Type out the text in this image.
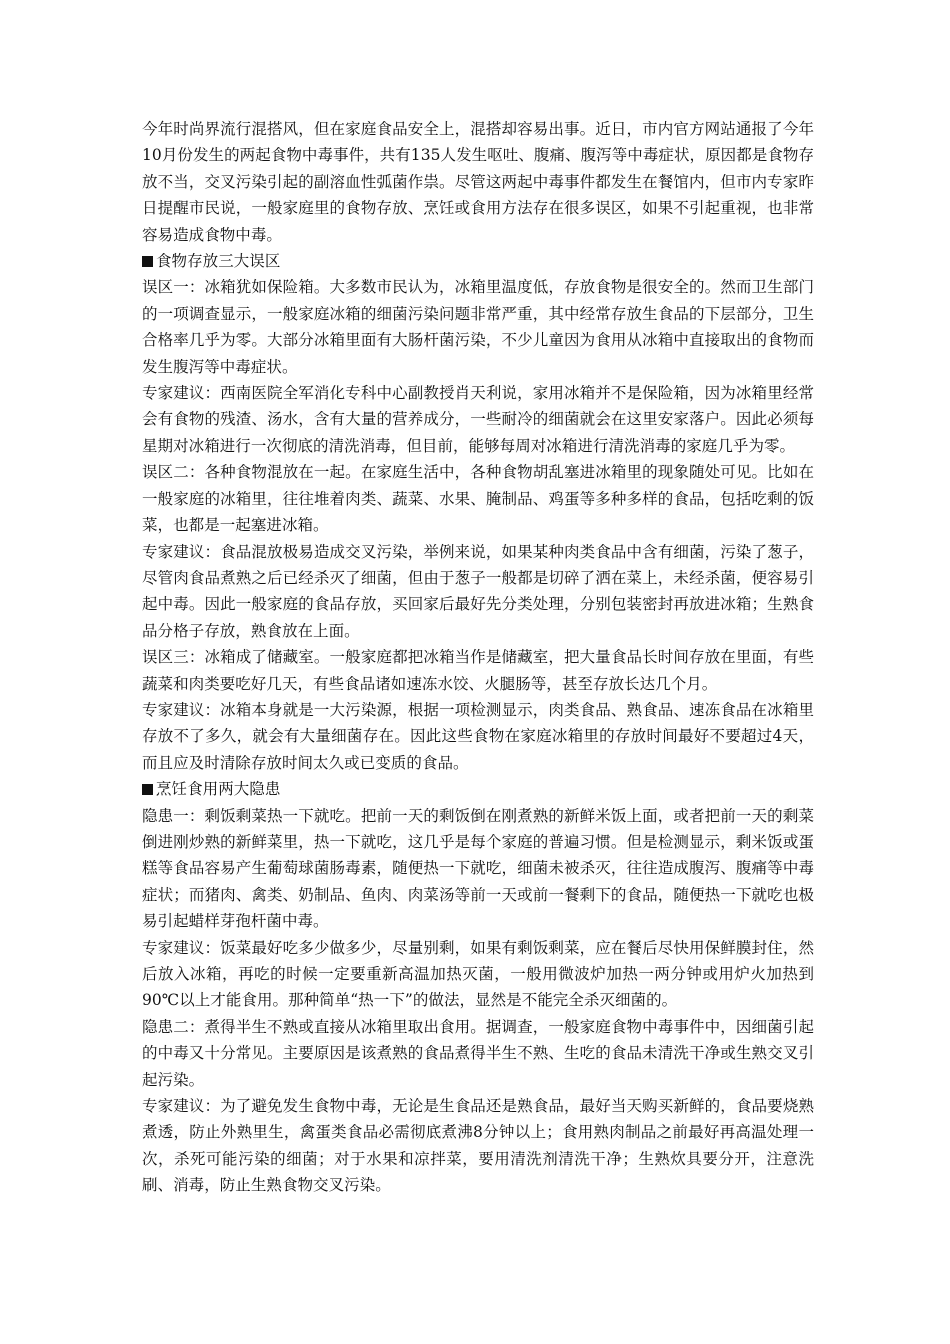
今年时尚界流行混搭风，但在家庭食品安全上，混搭却容易出事。近日，市内官方网站通报了今年10月份发生的两起食物中毒事件，共有135人发生呕吐、腹痛、腹泻等中毒症状，原因都是食物存放不当，交叉污染引起的副溶血性弧菌作祟。尽管这两起中毒事件都发生在餐馆内，但市内专家昨日提醒市民说，一般家庭里的食物存放、烹饪或食用方法存在很多误区，如果不引起重视，也非常容易造成食物中毒。

食物存放三大误区

误区一：冰箱犹如保险箱。大多数市民认为，冰箱里温度低，存放食物是很安全的。然而卫生部门的一项调查显示，一般家庭冰箱的细菌污染问题非常严重，其中经常存放生食品的下层部分，卫生合格率几乎为零。大部分冰箱里面有大肠杆菌污染，不少儿童因为食用从冰箱中直接取出的食物而发生腹泻等中毒症状。

专家建议：西南医院全军消化专科中心副教授肖天利说，家用冰箱并不是保险箱，因为冰箱里经常会有食物的残渣、汤水，含有大量的营养成分，一些耐冷的细菌就会在这里安家落户。因此必须每星期对冰箱进行一次彻底的清洗消毒，但目前，能够每周对冰箱进行清洗消毒的家庭几乎为零。

误区二：各种食物混放在一起。在家庭生活中，各种食物胡乱塞进冰箱里的现象随处可见。比如在一般家庭的冰箱里，往往堆着肉类、蔬菜、水果、腌制品、鸡蛋等多种多样的食品，包括吃剩的饭菜，也都是一起塞进冰箱。

专家建议：食品混放极易造成交叉污染，举例来说，如果某种肉类食品中含有细菌，污染了葱子，尽管肉食品煮熟之后已经杀灭了细菌，但由于葱子一般都是切碎了洒在菜上，未经杀菌，便容易引起中毒。因此一般家庭的食品存放，买回家后最好先分类处理，分别包装密封再放进冰箱；生熟食品分格子存放，熟食放在上面。

误区三：冰箱成了储藏室。一般家庭都把冰箱当作是储藏室，把大量食品长时间存放在里面，有些蔬菜和肉类要吃好几天，有些食品诸如速冻水饺、火腿肠等，甚至存放长达几个月。

专家建议：冰箱本身就是一大污染源，根据一项检测显示，肉类食品、熟食品、速冻食品在冰箱里存放不了多久，就会有大量细菌存在。因此这些食物在家庭冰箱里的存放时间最好不要超过4天，而且应及时清除存放时间太久或已变质的食品。

烹饪食用两大隐患

隐患一：剩饭剩菜热一下就吃。把前一天的剩饭倒在刚煮熟的新鲜米饭上面，或者把前一天的剩菜倒进刚炒熟的新鲜菜里，热一下就吃，这几乎是每个家庭的普遍习惯。但是检测显示，剩米饭或蛋糕等食品容易产生葡萄球菌肠毒素，随便热一下就吃，细菌未被杀灭，往往造成腹泻、腹痛等中毒症状；而猪肉、禽类、奶制品、鱼肉、肉菜汤等前一天或前一餐剩下的食品，随便热一下就吃也极易引起蜡样芽孢杆菌中毒。

专家建议：饭菜最好吃多少做多少，尽量别剩，如果有剩饭剩菜，应在餐后尽快用保鲜膜封住，然后放入冰箱，再吃的时候一定要重新高温加热灭菌，一般用微波炉加热一两分钟或用炉火加热到90℃以上才能食用。那种简单“热一下”的做法，显然是不能完全杀灭细菌的。

隐患二：煮得半生不熟或直接从冰箱里取出食用。据调查，一般家庭食物中毒事件中，因细菌引起的中毒又十分常见。主要原因是该煮熟的食品煮得半生不熟、生吃的食品未清洗干净或生熟交叉引起污染。

专家建议：为了避免发生食物中毒，无论是生食品还是熟食品，最好当天购买新鲜的，食品要烧熟煮透，防止外熟里生，禽蛋类食品必需彻底煮沸8分钟以上；食用熟肉制品之前最好再高温处理一次，杀死可能污染的细菌；对于水果和凉拌菜，要用清洗剂清洗干净；生熟炊具要分开，注意洗刷、消毒，防止生熟食物交叉污染。
